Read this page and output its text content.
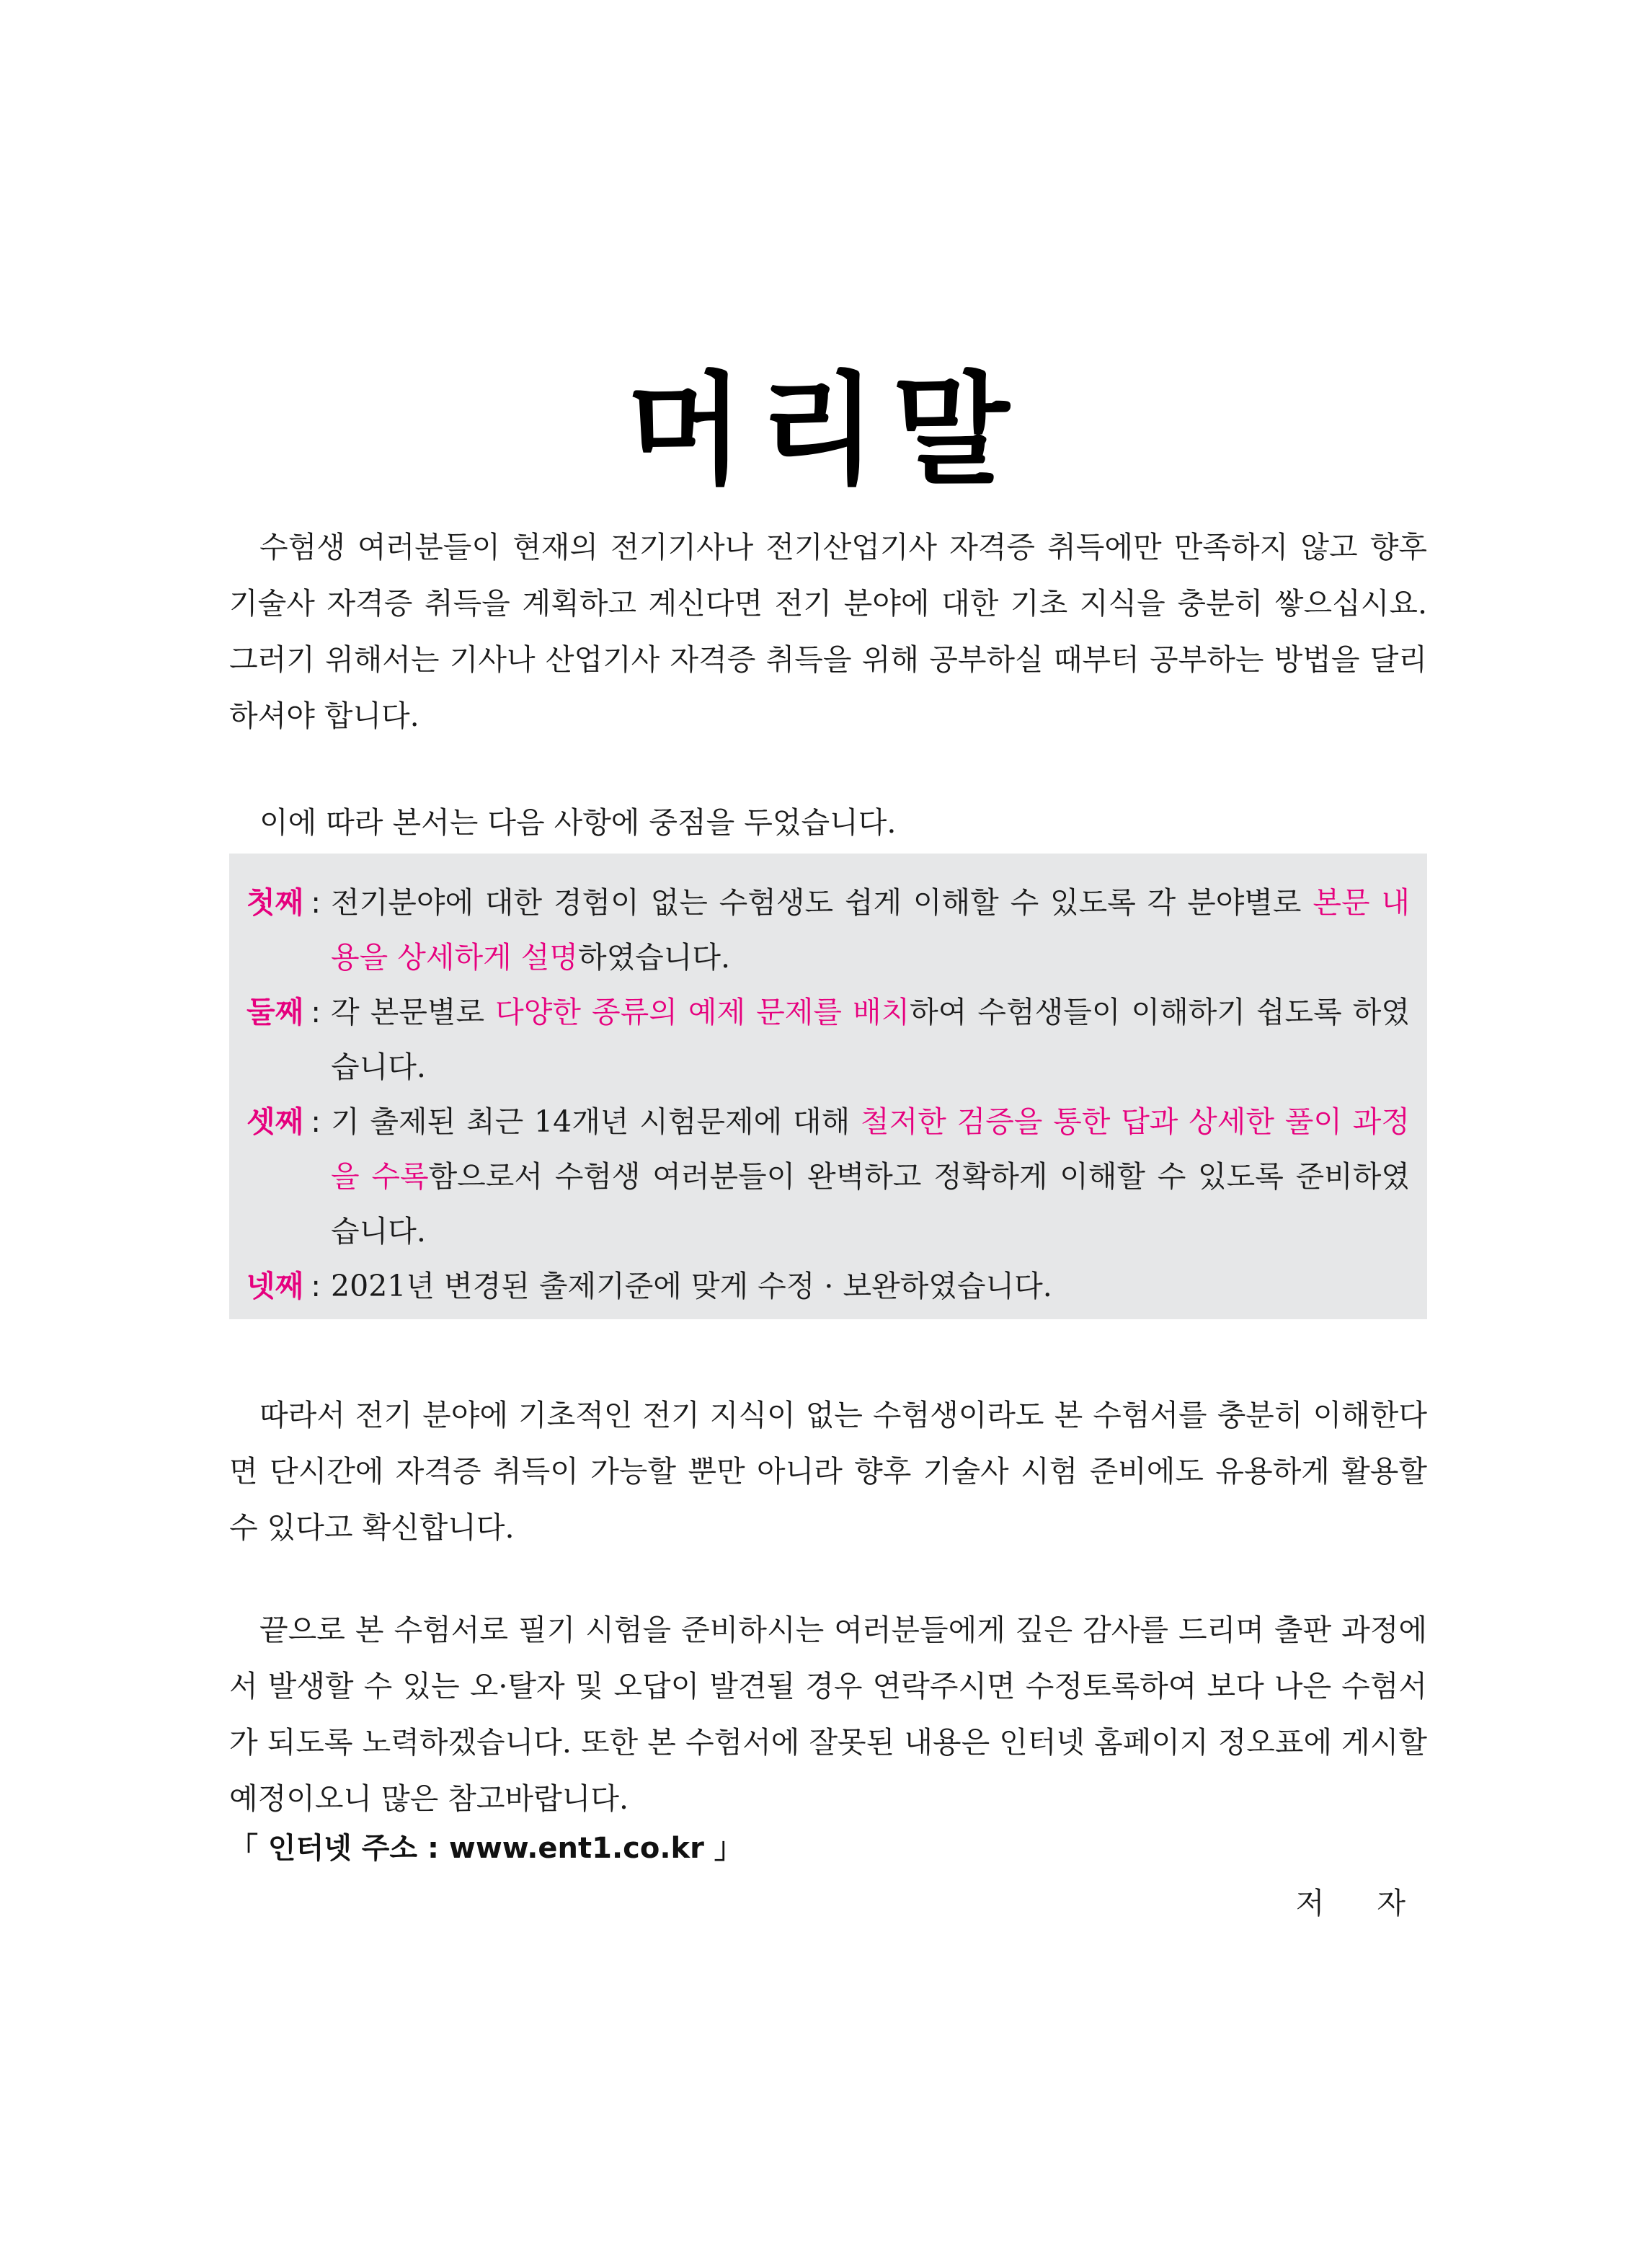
머리말

수험생 여러분들이 현재의 전기기사나 전기산업기사 자격증 취득에만 만족하지 않고 향후 기술사 자격증 취득을 계획하고 계신다면 전기 분야에 대한 기초 지식을 충분히 쌓으십시요. 그러기 위해서는 기사나 산업기사 자격증 취득을 위해 공부하실 때부터 공부하는 방법을 달리하셔야 합니다.

이에 따라 본서는 다음 사항에 중점을 두었습니다.

첫째 : 전기분야에 대한 경험이 없는 수험생도 쉽게 이해할 수 있도록 각 분야별로 본문 내용을 상세하게 설명하였습니다.
둘째 : 각 본문별로 다양한 종류의 예제 문제를 배치하여 수험생들이 이해하기 쉽도록 하였습니다.
셋째 : 기 출제된 최근 14개년 시험문제에 대해 철저한 검증을 통한 답과 상세한 풀이 과정을 수록함으로서 수험생 여러분들이 완벽하고 정확하게 이해할 수 있도록 준비하였습니다.
넷째 : 2021년 변경된 출제기준에 맞게 수정 · 보완하였습니다.

따라서 전기 분야에 기초적인 전기 지식이 없는 수험생이라도 본 수험서를 충분히 이해한다면 단시간에 자격증 취득이 가능할 뿐만 아니라 향후 기술사 시험 준비에도 유용하게 활용할 수 있다고 확신합니다.

끝으로 본 수험서로 필기 시험을 준비하시는 여러분들에게 깊은 감사를 드리며 출판 과정에서 발생할 수 있는 오·탈자 및 오답이 발견될 경우 연락주시면 수정토록하여 보다 나은 수험서가 되도록 노력하겠습니다. 또한 본 수험서에 잘못된 내용은 인터넷 홈페이지 정오표에 게시할 예정이오니 많은 참고바랍니다.

「 인터넷 주소 : www.ent1.co.kr 」
저 자
